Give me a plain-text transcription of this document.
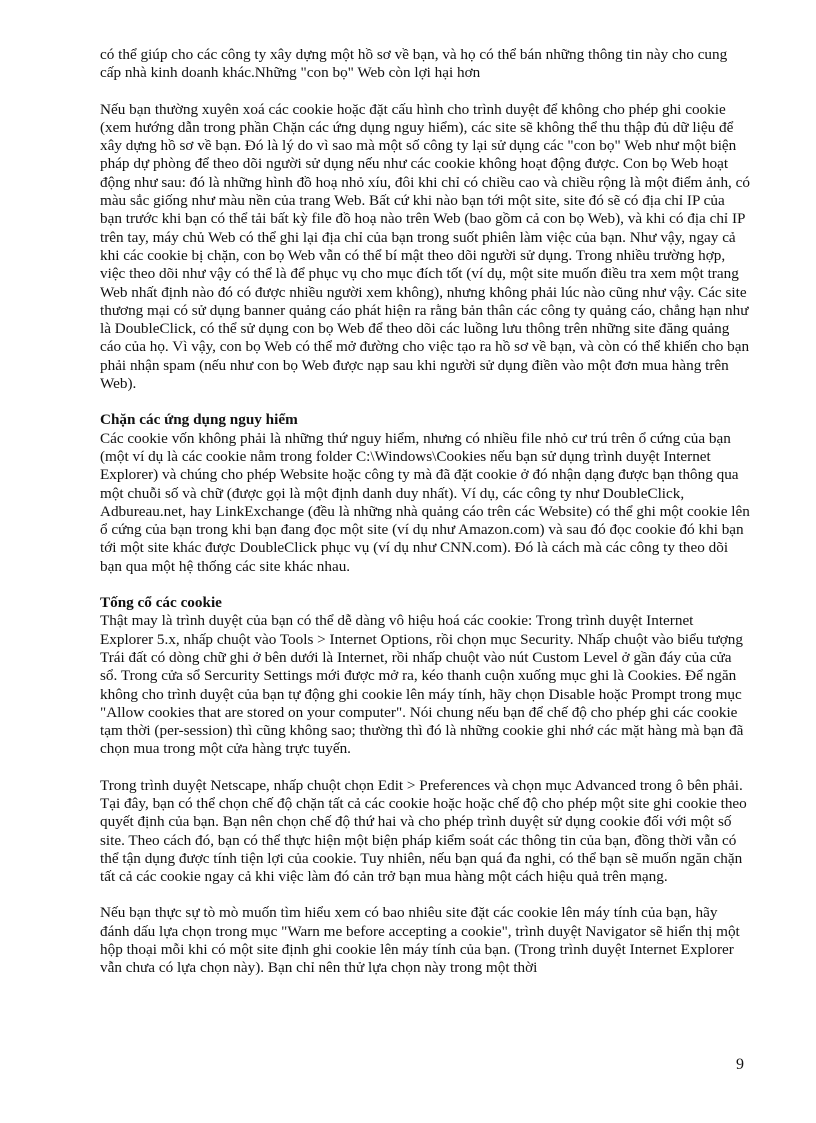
có thể giúp cho các công ty xây dựng một hồ sơ về bạn, và họ có thể bán những thông tin này cho cung cấp nhà kinh doanh khác.Những "con bọ" Web còn lợi hại hơn

Nếu bạn thường xuyên xoá các cookie hoặc đặt cấu hình cho trình duyệt để không cho phép ghi cookie (xem hướng dẫn trong phần Chặn các ứng dụng nguy hiểm), các site sẽ không thể thu thập đủ dữ liệu để xây dựng hồ sơ về bạn. Đó là lý do vì sao mà một số công ty lại sử dụng các "con bọ" Web như một biện pháp dự phòng để theo dõi người sử dụng nếu như các cookie không hoạt động được. Con bọ Web hoạt động như sau: đó là những hình đồ hoạ nhỏ xíu, đôi khi chỉ có chiều cao và chiều rộng là một điểm ảnh, có màu sắc giống như màu nền của trang Web. Bất cứ khi nào bạn tới một site, site đó sẽ có địa chỉ IP của bạn trước khi bạn có thể tải bất kỳ file đồ hoạ nào trên Web (bao gồm cả con bọ Web), và khi có địa chỉ IP trên tay, máy chủ Web có thể ghi lại địa chỉ của bạn trong suốt phiên làm việc của bạn. Như vậy, ngay cả khi các cookie bị chặn, con bọ Web vẫn có thể bí mật theo dõi người sử dụng. Trong nhiều trường hợp, việc theo dõi như vậy có thể là để phục vụ cho mục đích tốt (ví dụ, một site muốn điều tra xem một trang Web nhất định nào đó có được nhiều người xem không), nhưng không phải lúc nào cũng như vậy. Các site thương mại có sử dụng banner quảng cáo phát hiện ra rằng bản thân các công ty quảng cáo, chẳng hạn như là DoubleClick, có thể sử dụng con bọ Web để theo dõi các luồng lưu thông trên những site đăng quảng cáo của họ. Vì vậy, con bọ Web có thể mở đường cho việc tạo ra hồ sơ về bạn, và còn có thể khiến cho bạn phải nhận spam (nếu như con bọ Web được nạp sau khi người sử dụng điền vào một đơn mua hàng trên Web).

Chặn các ứng dụng nguy hiểm

Các cookie vốn không phải là những thứ nguy hiểm, nhưng có nhiều file nhỏ cư trú trên ổ cứng của bạn (một ví dụ là các cookie nằm trong folder C:\Windows\Cookies nếu bạn sử dụng trình duyệt Internet Explorer) và chúng cho phép Website hoặc công ty mà đã đặt cookie ở đó nhận dạng được bạn thông qua một chuỗi số và chữ (được gọi là một định danh duy nhất). Ví dụ, các công ty như DoubleClick, Adbureau.net, hay LinkExchange (đều là những nhà quảng cáo trên các Website) có thể ghi một cookie lên ổ cứng của bạn trong khi bạn đang đọc một site (ví dụ như Amazon.com) và sau đó đọc cookie đó khi bạn tới một site khác được DoubleClick phục vụ (ví dụ như CNN.com). Đó là cách mà các công ty theo dõi bạn qua một hệ thống các site khác nhau.

Tống cổ các cookie

Thật may là trình duyệt của bạn có thể dễ dàng vô hiệu hoá các cookie: Trong trình duyệt Internet Explorer 5.x, nhấp chuột vào Tools > Internet Options, rồi chọn mục Security. Nhấp chuột vào biểu tượng Trái đất có dòng chữ ghi ở bên dưới là Internet, rồi nhấp chuột vào nút Custom Level ở gần đáy của cửa sổ. Trong cửa sổ Sercurity Settings mới được mở ra, kéo thanh cuộn xuống mục ghi là Cookies. Để ngăn không cho trình duyệt của bạn tự động ghi cookie lên máy tính, hãy chọn Disable hoặc Prompt trong mục "Allow cookies that are stored on your computer". Nói chung nếu bạn để chế độ cho phép ghi các cookie tạm thời (per-session) thì cũng không sao; thường thì đó là những cookie ghi nhớ các mặt hàng mà bạn đã chọn mua trong một cửa hàng trực tuyến.

Trong trình duyệt Netscape, nhấp chuột chọn Edit > Preferences và chọn mục Advanced trong ô bên phải. Tại đây, bạn có thể chọn chế độ chặn tất cả các cookie hoặc hoặc chế độ cho phép một site ghi cookie theo quyết định của bạn. Bạn nên chọn chế độ thứ hai và cho phép trình duyệt sử dụng cookie đối với một số site. Theo cách đó, bạn có thể thực hiện một biện pháp kiểm soát các thông tin của bạn, đồng thời vẫn có thể tận dụng được tính tiện lợi của cookie. Tuy nhiên, nếu bạn quá đa nghi, có thể bạn sẽ muốn ngăn chặn tất cả các cookie ngay cả khi việc làm đó cản trở bạn mua hàng một cách hiệu quả trên mạng.

Nếu bạn thực sự tò mò muốn tìm hiểu xem có bao nhiêu site đặt các cookie lên máy tính của bạn, hãy đánh dấu lựa chọn trong mục "Warn me before accepting a cookie", trình duyệt Navigator sẽ hiển thị một hộp thoại mỗi khi có một site định ghi cookie lên máy tính của bạn. (Trong trình duyệt Internet Explorer vẫn chưa có lựa chọn này). Bạn chỉ nên thử lựa chọn này trong một thời

9
